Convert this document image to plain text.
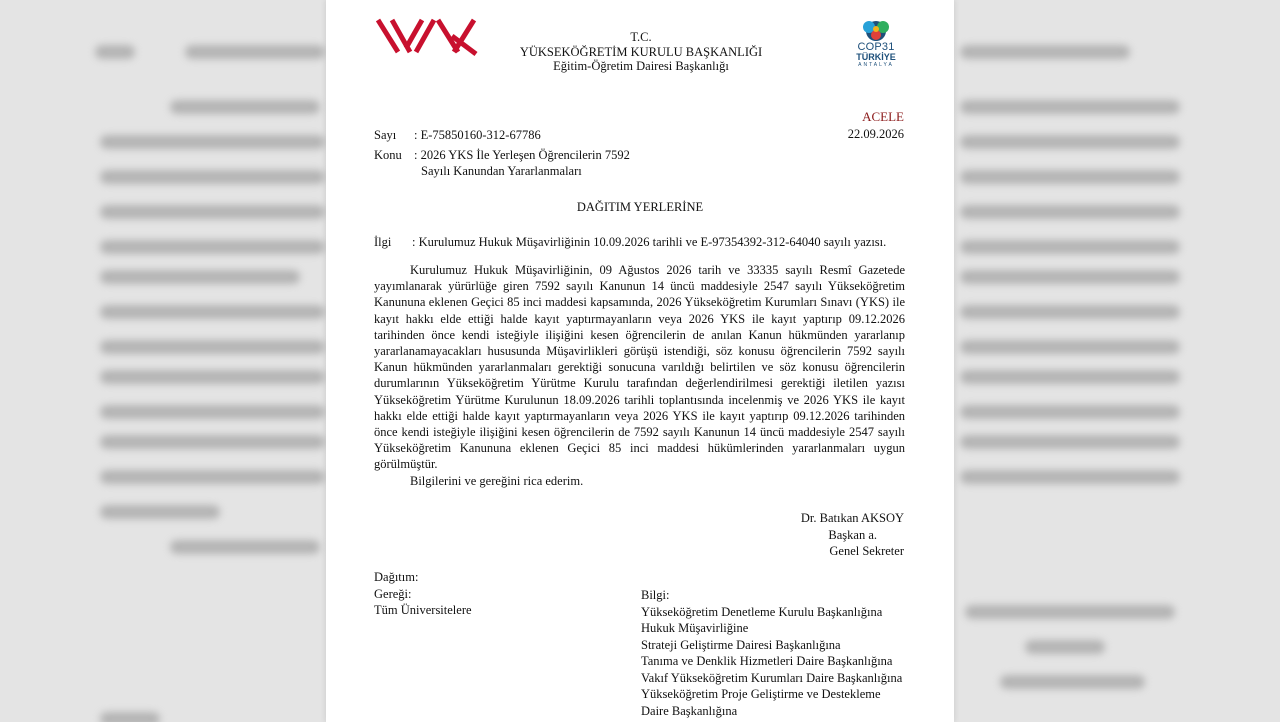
T.C.
YÜKSEKÖĞRETİM KURULU BAŞKANLIĞI
Eğitim-Öğretim Dairesi Başkanlığı
COP31
TÜRKİYE
ANTALYA
ACELE
22.09.2026
Sayı : E-75850160-312-67786
Konu : 2026 YKS İle Yerleşen Öğrencilerin 7592
Sayılı Kanundan Yararlanmaları
DAĞITIM YERLERİNE
İlgi : Kurulumuz Hukuk Müşavirliğinin 10.09.2026 tarihli ve E-97354392-312-64040 sayılı yazısı.

Kurulumuz Hukuk Müşavirliğinin, 09 Ağustos 2026 tarih ve 33335 sayılı Resmî Gazetede yayımlanarak yürürlüğe giren 7592 sayılı Kanunun 14 üncü maddesiyle 2547 sayılı Yükseköğretim Kanununa eklenen Geçici 85 inci maddesi kapsamında, 2026 Yükseköğretim Kurumları Sınavı (YKS) ile kayıt hakkı elde ettiği halde kayıt yaptırmayanların veya 2026 YKS ile kayıt yaptırıp 09.12.2026 tarihinden önce kendi isteğiyle ilişiğini kesen öğrencilerin de anılan Kanun hükmünden yararlanıp yararlanamayacakları hususunda Müşavirlikleri görüşü istendiği, söz konusu öğrencilerin 7592 sayılı Kanun hükmünden yararlanmaları gerektiği sonucuna varıldığı belirtilen ve söz konusu öğrencilerin durumlarının Yükseköğretim Yürütme Kurulu tarafından değerlendirilmesi gerektiği iletilen yazısı Yükseköğretim Yürütme Kurulunun 18.09.2026 tarihli toplantısında incelenmiş ve 2026 YKS ile kayıt hakkı elde ettiği halde kayıt yaptırmayanların veya 2026 YKS ile kayıt yaptırıp 09.12.2026 tarihinden önce kendi isteğiyle ilişiğini kesen öğrencilerin de 7592 sayılı Kanunun 14 üncü maddesiyle 2547 sayılı Yükseköğretim Kanununa eklenen Geçici 85 inci maddesi hükümlerinden yararlanmaları uygun görülmüştür.

Bilgilerini ve gereğini rica ederim.

Dr. Batıkan AKSOY
Başkan a.
Genel Sekreter
Dağıtım:
Gereği:
Tüm Üniversitelere
Bilgi:
Yükseköğretim Denetleme Kurulu Başkanlığına
Hukuk Müşavirliğine
Strateji Geliştirme Dairesi Başkanlığına
Tanıma ve Denklik Hizmetleri Daire Başkanlığına
Vakıf Yükseköğretim Kurumları Daire Başkanlığına
Yükseköğretim Proje Geliştirme ve Destekleme
Daire Başkanlığına
